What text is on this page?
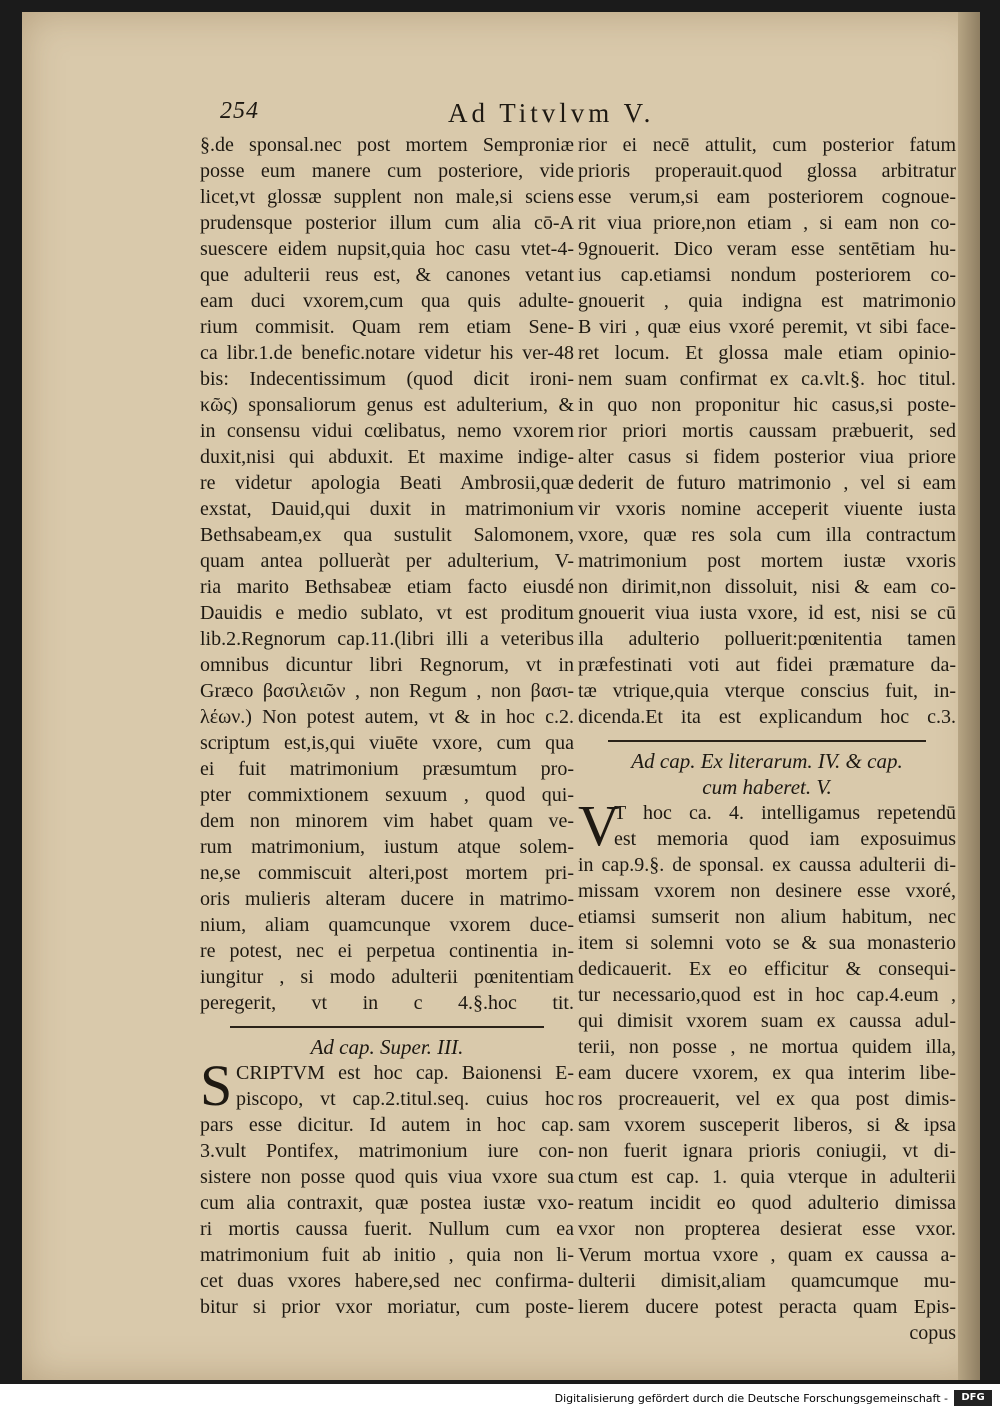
254	Ad Titvlvm V.
§.de sponsal.nec post mortem Semproniæ
posse eum manere cum posteriore, vide
licet,vt glossæ supplent non male,si sciens
prudensque posterior illum cum alia cō-A
suescere eidem nupsit,quia hoc casu vtet-4-
que adulterii reus est, & canones vetant
eam duci vxorem,cum qua quis adulte-
rium commisit. Quam rem etiam Sene-
ca libr.1.de benefic.notare videtur his ver-48
bis: Indecentissimum (quod dicit ironi-
κῶς) sponsaliorum genus est adulterium, &
in consensu vidui cœlibatus, nemo vxorem
duxit,nisi qui abduxit. Et maxime indige-
re videtur apologia Beati Ambrosii,quæ
exstat, Dauid,qui duxit in matrimonium
Bethsabeam,ex qua sustulit Salomonem,
quam antea pollueràt per adulterium, V-
ria marito Bethsabeæ etiam facto eiusdé
Dauidis e medio sublato, vt est proditum
lib.2.Regnorum cap.11.(libri illi a veteribus
omnibus dicuntur libri Regnorum, vt in
Græco βασιλειῶν , non Regum , non βασι-
λέων.) Non potest autem, vt & in hoc c.2.
scriptum est,is,qui viuēte vxore, cum qua
ei fuit matrimonium præsumtum pro-
pter commixtionem sexuum , quod qui-
dem non minorem vim habet quam ve-
rum matrimonium, iustum atque solem-
ne,se commiscuit alteri,post mortem pri-
oris mulieris alteram ducere in matrimo-
nium, aliam quamcunque vxorem duce-
re potest, nec ei perpetua continentia in-
iungitur , si modo adulterii pœnitentiam
peregerit, vt in c 4.§.hoc tit.
Ad cap. Super. III.
S CRIPTVM est hoc cap. Baionensi E-
piscopo, vt cap.2.titul.seq. cuius hoc
pars esse dicitur. Id autem in hoc cap.
3.vult Pontifex, matrimonium iure con-
sistere non posse quod quis viua vxore sua
cum alia contraxit, quæ postea iustæ vxo-
ri mortis caussa fuerit. Nullum cum ea
matrimonium fuit ab initio , quia non li-
cet duas vxores habere,sed nec confirma-
bitur si prior vxor moriatur, cum poste-
rior ei necē attulit, cum posterior fatum
prioris properauit.quod glossa arbitratur
esse verum,si eam posteriorem cognoue-
rit viua priore,non etiam , si eam non co-
9gnouerit. Dico veram esse sentētiam hu-
ius cap.etiamsi nondum posteriorem co-
gnouerit , quia indigna est matrimonio
B viri , quæ eius vxoré peremit, vt sibi face-
ret locum. Et glossa male etiam opinio-
nem suam confirmat ex ca.vlt.§. hoc titul.
in quo non proponitur hic casus,si poste-
rior priori mortis caussam præbuerit, sed
alter casus si fidem posterior viua priore
dederit de futuro matrimonio , vel si eam
vir vxoris nomine acceperit viuente iusta
vxore, quæ res sola cum illa contractum
matrimonium post mortem iustæ vxoris
non dirimit,non dissoluit, nisi & eam co-
gnouerit viua iusta vxore, id est, nisi se cū
illa adulterio polluerit:pœnitentia tamen
præfestinati voti aut fidei præmature da-
tæ vtrique,quia vterque conscius fuit, in-
dicenda.Et ita est explicandum hoc c.3.
Ad cap. Ex literarum. IV. & cap.
cum haberet. V.
V
T hoc ca. 4. intelligamus repetendū
est memoria quod iam exposuimus
in cap.9.§. de sponsal. ex caussa adulterii di-
missam vxorem non desinere esse vxoré,
etiamsi sumserit non alium habitum, nec
item si solemni voto se & sua monasterio
dedicauerit. Ex eo efficitur & consequi-
tur necessario,quod est in hoc cap.4.eum ,
qui dimisit vxorem suam ex caussa adul-
terii, non posse , ne mortua quidem illa,
eam ducere vxorem, ex qua interim libe-
ros procreauerit, vel ex qua post dimis-
sam vxorem susceperit liberos, si & ipsa
non fuerit ignara prioris coniugii, vt di-
ctum est cap. 1. quia vterque in adulterii
reatum incidit eo quod adulterio dimissa
vxor non propterea desierat esse vxor.
Verum mortua vxore , quam ex caussa a-
dulterii dimisit,aliam quamcumque mu-
lierem ducere potest peracta quam Epis-
copus
Digitalisierung gefördert durch die Deutsche Forschungsgemeinschaft -	DFG
